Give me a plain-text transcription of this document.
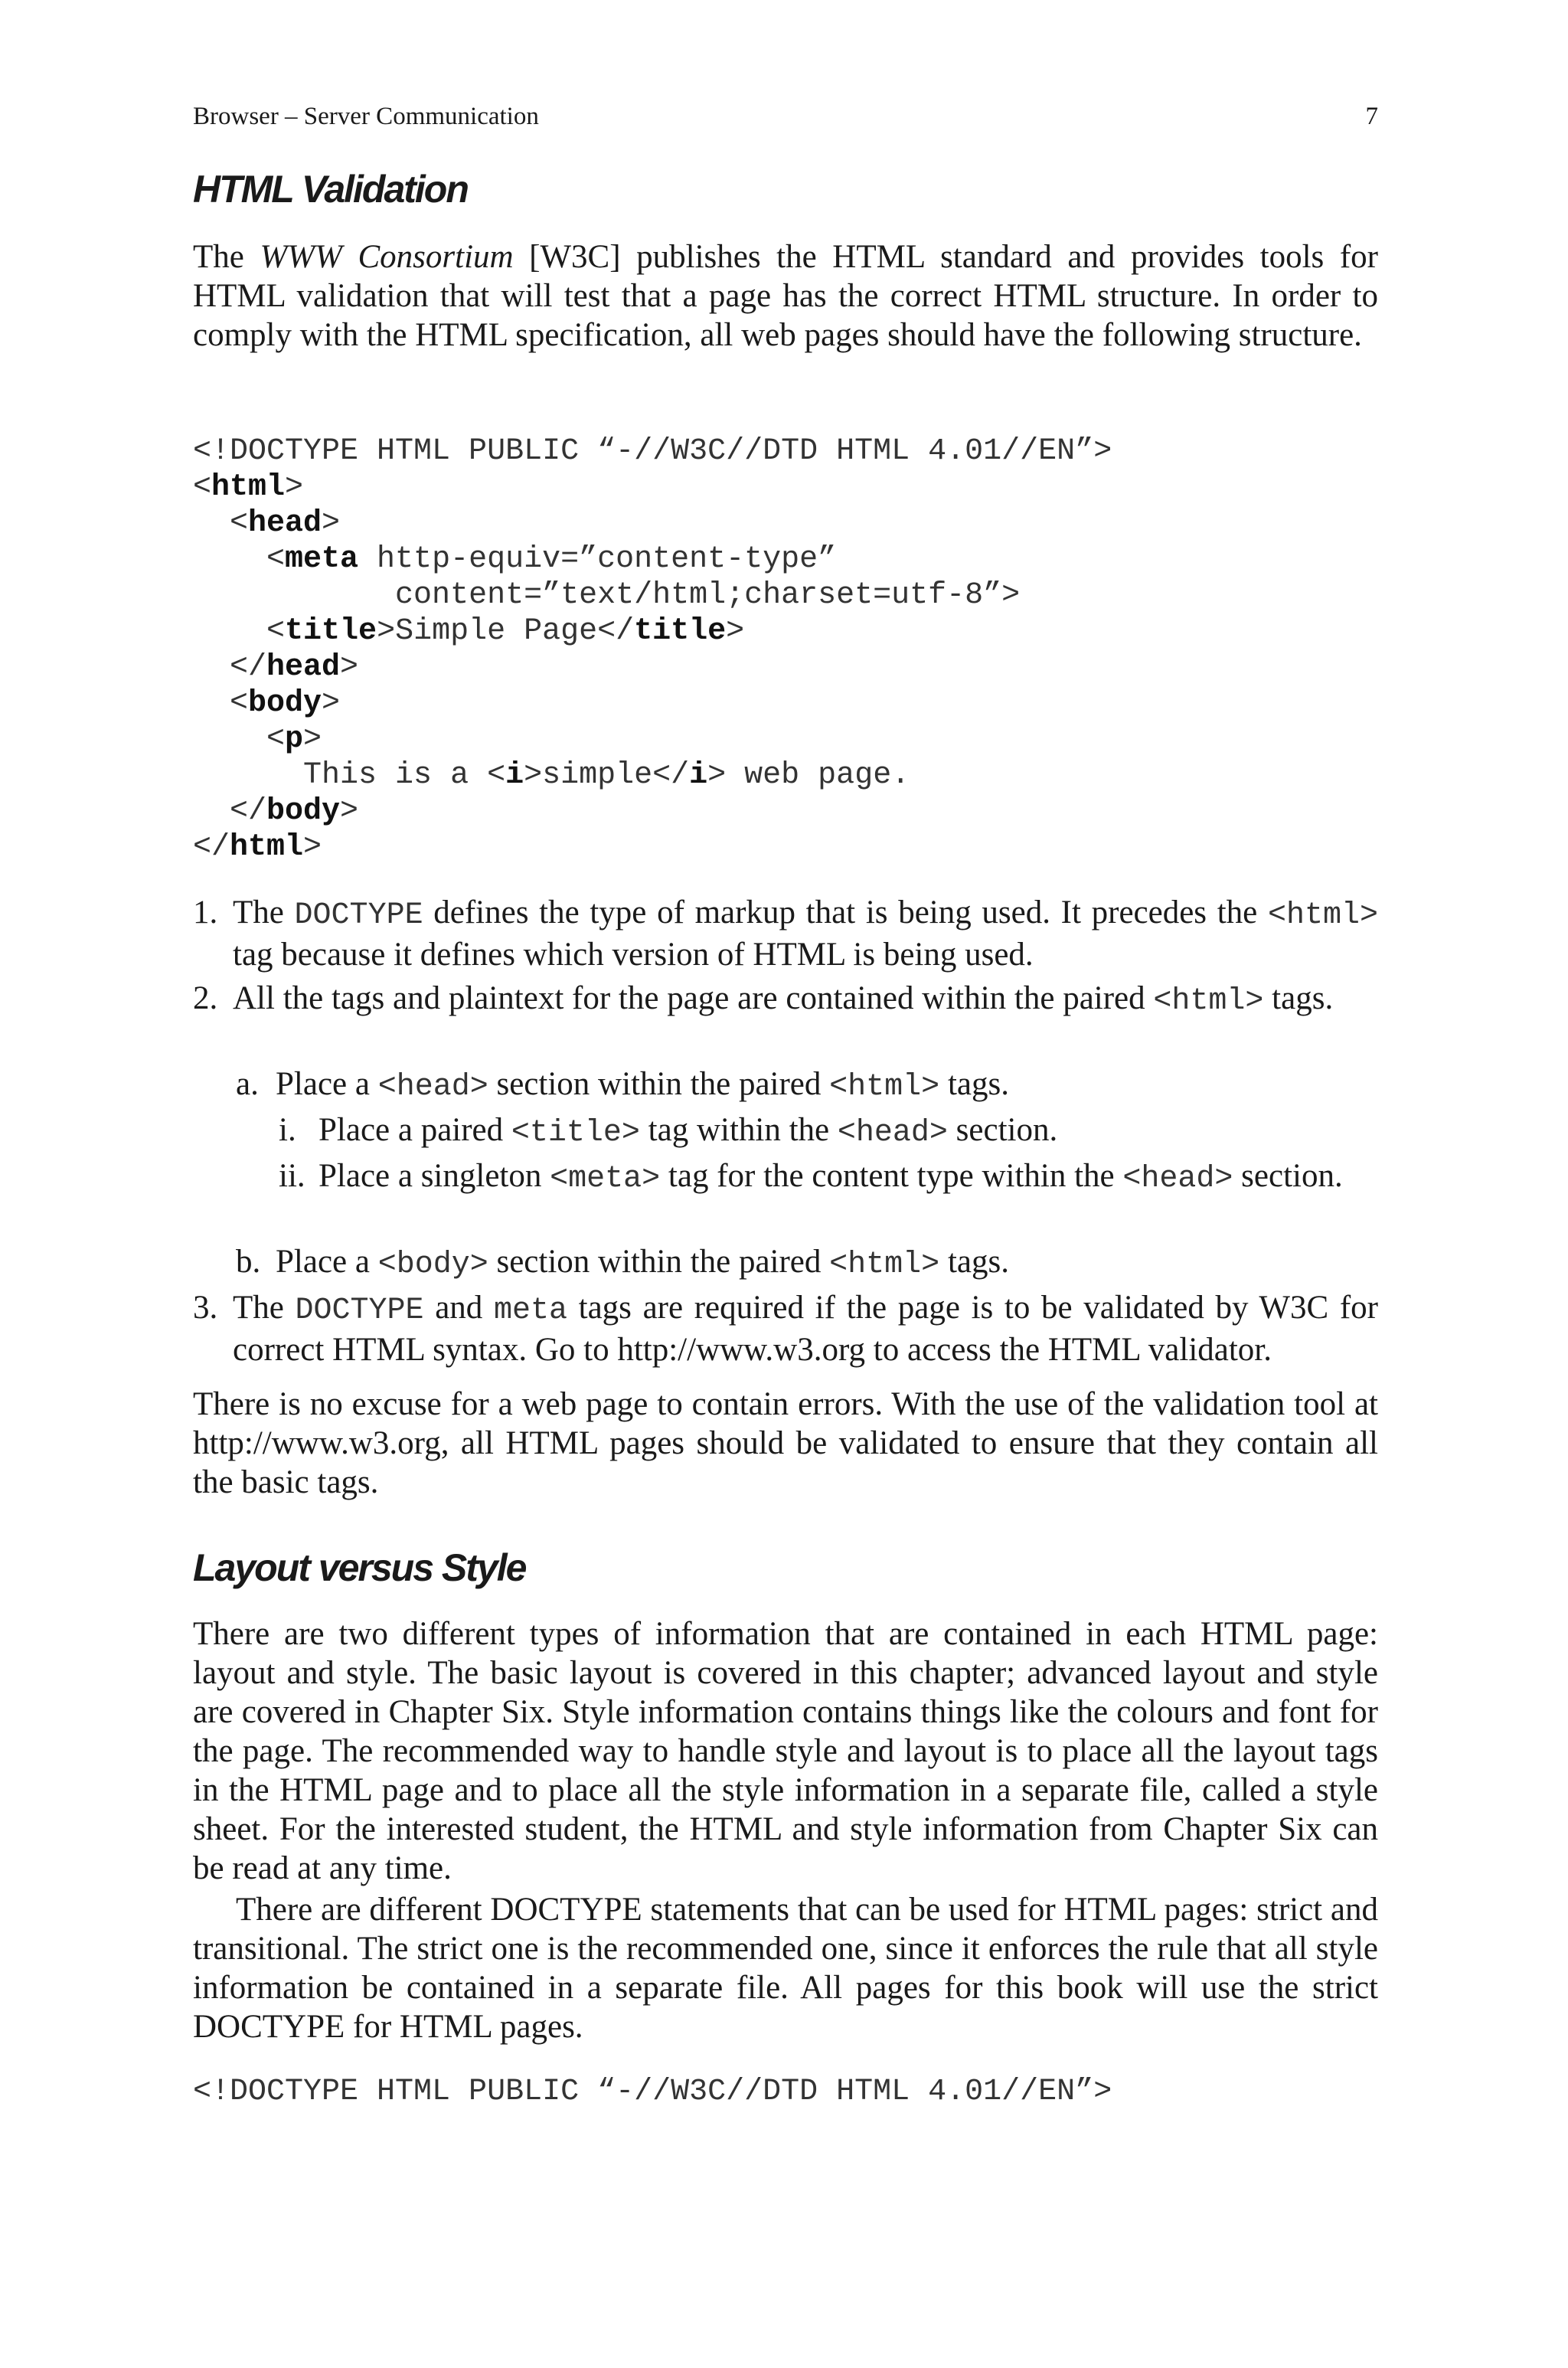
Browser – Server Communication	7
HTML Validation
The WWW Consortium [W3C] publishes the HTML standard and provides tools for HTML validation that will test that a page has the correct HTML structure. In order to comply with the HTML specification, all web pages should have the following structure.
<!DOCTYPE HTML PUBLIC “-//W3C//DTD HTML 4.01//EN”>
<html>
<head>
<meta http-equiv=”content-type”
content=”text/html;charset=utf-8”>
<title>Simple Page</title>
</head>
<body>
<p>
This is a <i>simple</i> web page.
</body>
</html>
1. The DOCTYPE defines the type of markup that is being used. It precedes the <html> tag because it defines which version of HTML is being used.
2. All the tags and plaintext for the page are contained within the paired <html> tags.
a. Place a <head> section within the paired <html> tags.
i. Place a paired <title> tag within the <head> section.
ii. Place a singleton <meta> tag for the content type within the <head> section.
b. Place a <body> section within the paired <html> tags.
3. The DOCTYPE and meta tags are required if the page is to be validated by W3C for correct HTML syntax. Go to http://www.w3.org to access the HTML validator.
There is no excuse for a web page to contain errors. With the use of the validation tool at http://www.w3.org, all HTML pages should be validated to ensure that they contain all the basic tags.
Layout versus Style
There are two different types of information that are contained in each HTML page: layout and style. The basic layout is covered in this chapter; advanced layout and style are covered in Chapter Six. Style information contains things like the colours and font for the page. The recommended way to handle style and layout is to place all the layout tags in the HTML page and to place all the style information in a separate file, called a style sheet. For the interested student, the HTML and style information from Chapter Six can be read at any time.
There are different DOCTYPE statements that can be used for HTML pages: strict and transitional. The strict one is the recommended one, since it enforces the rule that all style information be contained in a separate file. All pages for this book will use the strict DOCTYPE for HTML pages.
<!DOCTYPE HTML PUBLIC “-//W3C//DTD HTML 4.01//EN”>
